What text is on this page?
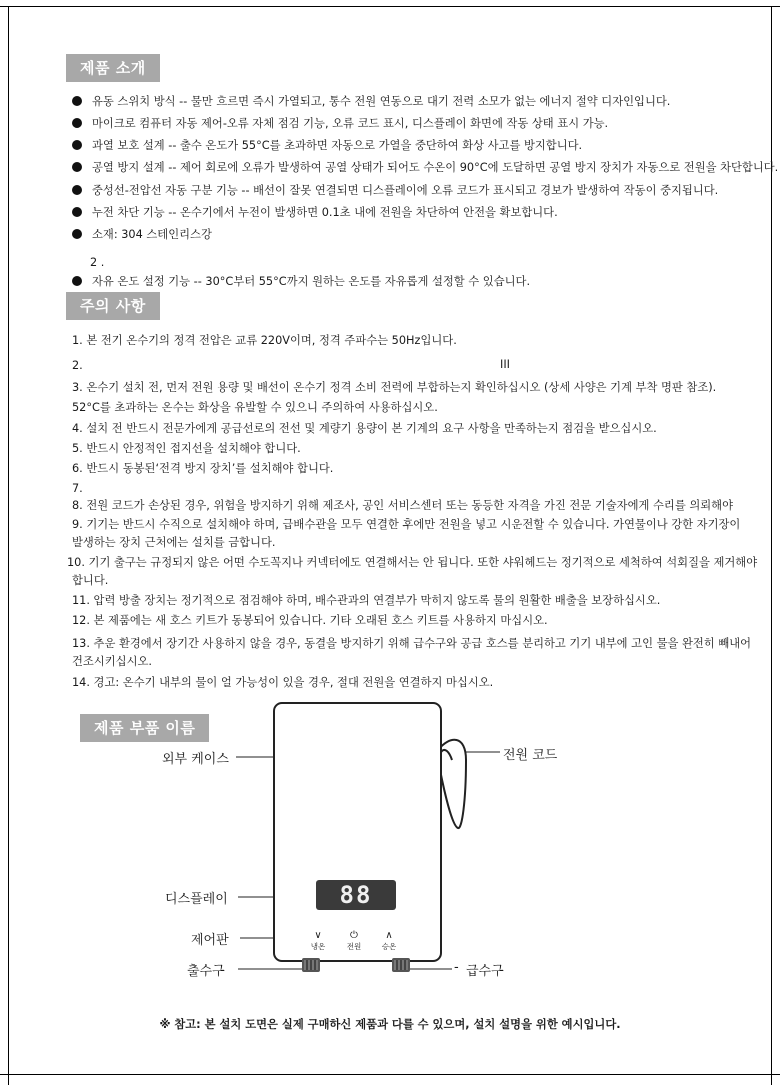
제품 소개
유동 스위치 방식 -- 물만 흐르면 즉시 가열되고, 통수 전원 연동으로 대기 전력 소모가 없는 에너지 절약 디자인입니다.
마이크로 컴퓨터 자동 제어-오류 자체 점검 기능, 오류 코드 표시, 디스플레이 화면에 작동 상태 표시 가능.
과열 보호 설계 -- 출수 온도가 55°C를 초과하면 자동으로 가열을 중단하여 화상 사고를 방지합니다.
공열 방지 설계 -- 제어 회로에 오류가 발생하여 공열 상태가 되어도 수온이 90°C에 도달하면 공열 방지 장치가 자동으로 전원을 차단합니다.
중성선-전압선 자동 구분 기능 -- 배선이 잘못 연결되면 디스플레이에 오류 코드가 표시되고 경보가 발생하여 작동이 중지됩니다.
누전 차단 기능 -- 온수기에서 누전이 발생하면 0.1초 내에 전원을 차단하여 안전을 확보합니다.
소재: 304 스테인리스강
2 .
자유 온도 설정 기능 -- 30°C부터 55°C까지 원하는 온도를 자유롭게 설정할 수 있습니다.
주의 사항
1. 본 전기 온수기의 정격 전압은 교류 220V이며, 정격 주파수는 50Hz입니다.
2.	III
3. 온수기 설치 전, 먼저 전원 용량 및 배선이 온수기 정격 소비 전력에 부합하는지 확인하십시오 (상세 사양은 기계 부착 명판 참조).
52°C를 초과하는 온수는 화상을 유발할 수 있으니 주의하여 사용하십시오.
4. 설치 전 반드시 전문가에게 공급선로의 전선 및 계량기 용량이 본 기계의 요구 사항을 만족하는지 점검을 받으십시오.
5. 반드시 안정적인 접지선을 설치해야 합니다.
6. 반드시 동봉된‘전격 방지 장치’를 설치해야 합니다.
7.
8. 전원 코드가 손상된 경우, 위험을 방지하기 위해 제조사, 공인 서비스센터 또는 동등한 자격을 가진 전문 기술자에게 수리를 의뢰해야
9. 기기는 반드시 수직으로 설치해야 하며, 급배수관을 모두 연결한 후에만 전원을 넣고 시운전할 수 있습니다. 가연물이나 강한 자기장이
발생하는 장치 근처에는 설치를 금합니다.
10. 기기 출구는 규정되지 않은 어떤 수도꼭지나 커넥터에도 연결해서는 안 됩니다. 또한 샤워헤드는 정기적으로 세척하여 석회질을 제거해야
합니다.
11. 압력 방출 장치는 정기적으로 점검해야 하며, 배수관과의 연결부가 막히지 않도록 물의 원활한 배출을 보장하십시오.
12. 본 제품에는 새 호스 키트가 동봉되어 있습니다. 기타 오래된 호스 키트를 사용하지 마십시오.
13. 추운 환경에서 장기간 사용하지 않을 경우, 동결을 방지하기 위해 급수구와 공급 호스를 분리하고 기기 내부에 고인 물을 완전히 빼내어
건조시키십시오.
14. 경고: 온수기 내부의 물이 얼 가능성이 있을 경우, 절대 전원을 연결하지 마십시오.
제품 부품 이름
88
∨
냉온
⏻
전원
∧
승온
외부 케이스	전원 코드
디스플레이
제어판
출수구	- 급수구
※ 참고: 본 설치 도면은 실제 구매하신 제품과 다를 수 있으며, 설치 설명을 위한 예시입니다.
